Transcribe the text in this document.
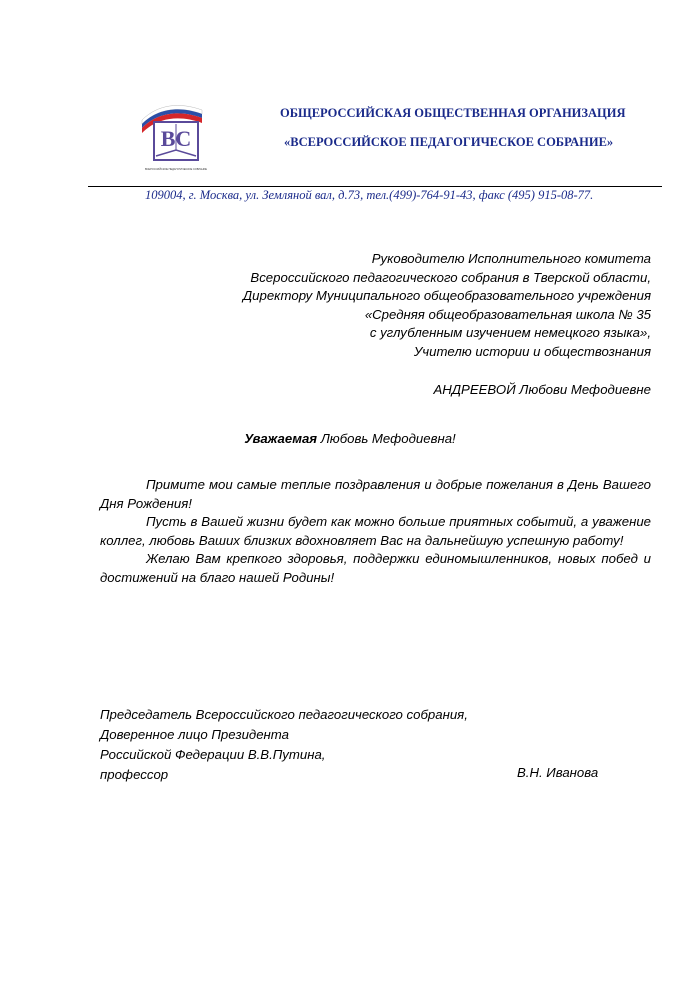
ВС
ВСЕРОССИЙСКОЕ ПЕДАГОГИЧЕСКОЕ СОБРАНИЕ
ОБЩЕРОССИЙСКАЯ ОБЩЕСТВЕННАЯ ОРГАНИЗАЦИЯ
«ВСЕРОССИЙСКОЕ ПЕДАГОГИЧЕСКОЕ СОБРАНИЕ»
109004, г. Москва, ул. Земляной вал, д.73, тел.(499)-764-91-43, факс (495) 915-08-77.
Руководителю Исполнительного комитета
Всероссийского педагогического собрания в Тверской области,
Директору Муниципального общеобразовательного учреждения
«Средняя общеобразовательная школа № 35
с углубленным изучением немецкого языка»,
Учителю истории и обществознания
АНДРЕЕВОЙ Любови Мефодиевне
Уважаемая Любовь Мефодиевна!

Примите мои самые теплые поздравления и добрые пожелания в День Вашего Дня Рождения!

Пусть в Вашей жизни будет как можно больше приятных событий, а уважение коллег, любовь Ваших близких вдохновляет Вас на дальнейшую успешную работу!

Желаю Вам крепкого здоровья, поддержки единомышленников, новых побед и достижений на благо нашей Родины!

Председатель Всероссийского педагогического собрания,
Доверенное лицо Президента
Российской Федерации В.В.Путина,
профессор	В.Н. Иванова
